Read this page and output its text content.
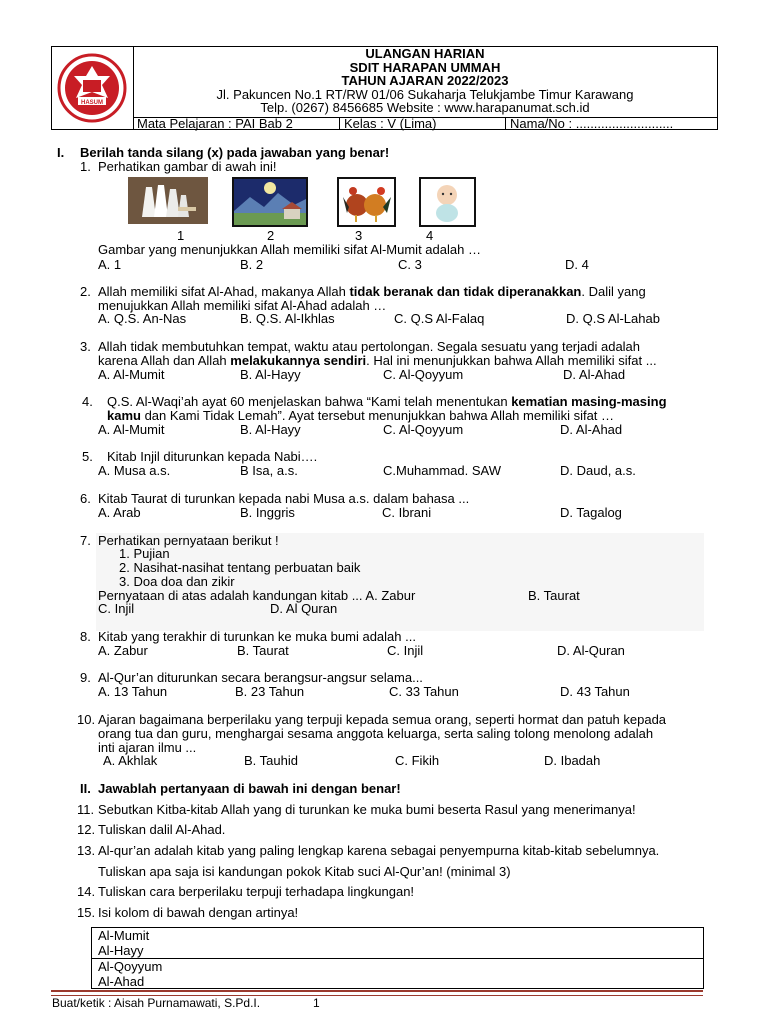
HASUM
ULANGAN HARIAN
SDIT HARAPAN UMMAH
TAHUN AJARAN 2022/2023
Jl. Pakuncen No.1 RT/RW 01/06 Sukaharja Telukjambe Timur Karawang
Telp. (0267) 8456685 Website : www.harapanumat.sch.id
Mata Pelajaran : PAI Bab 2	Kelas : V (Lima)	Nama/No : ...........................
I. Berilah tanda silang (x) pada jawaban yang benar!
1. Perhatikan gambar di awah ini!
1	2	3	4
Gambar yang menunjukkan Allah memiliki sifat Al-Mumit adalah …
A. 1	B. 2	C. 3	D. 4
2. Allah memiliki sifat Al-Ahad, makanya Allah tidak beranak dan tidak diperanakkan. Dalil yang
menujukkan Allah memiliki sifat Al-Ahad adalah …
A. Q.S. An-Nas	B. Q.S. Al-Ikhlas	C. Q.S Al-Falaq	D. Q.S Al-Lahab
3. Allah tidak membutuhkan tempat, waktu atau pertolongan. Segala sesuatu yang terjadi adalah
karena Allah dan Allah melakukannya sendiri. Hal ini menunjukkan bahwa Allah memiliki sifat ...
A. Al-Mumit	B. Al-Hayy	C. Al-Qoyyum	D. Al-Ahad
4. Q.S. Al-Waqi’ah ayat 60 menjelaskan bahwa “Kami telah menentukan kematian masing-masing
kamu dan Kami Tidak Lemah”. Ayat tersebut menunjukkan bahwa Allah memiliki sifat …
A. Al-Mumit	B. Al-Hayy	C. Al-Qoyyum	D. Al-Ahad
5. Kitab Injil diturunkan kepada Nabi….
A. Musa a.s.	B Isa, a.s.	C.Muhammad. SAW	D. Daud, a.s.
6. Kitab Taurat di turunkan kepada nabi Musa a.s. dalam bahasa ...
A. Arab	B. Inggris	C. Ibrani	D. Tagalog
7. Perhatikan pernyataan berikut !
1. Pujian
2. Nasihat-nasihat tentang perbuatan baik
3. Doa doa dan zikir
Pernyataan di atas adalah kandungan kitab ... A. Zabur	B. Taurat
C. Injil	D. Al Quran
8. Kitab yang terakhir di turunkan ke muka bumi adalah ...
A. Zabur	B. Taurat	C. Injil	D. Al-Quran
9. Al-Qur’an diturunkan secara berangsur-angsur selama...
A. 13 Tahun	B. 23 Tahun	C. 33 Tahun	D. 43 Tahun
10. Ajaran bagaimana berperilaku yang terpuji kepada semua orang, seperti hormat dan patuh kepada
orang tua dan guru, menghargai sesama anggota keluarga, serta saling tolong menolong adalah
inti ajaran ilmu ...
A. Akhlak	B. Tauhid	C. Fikih	D. Ibadah
II. Jawablah pertanyaan di bawah ini dengan benar!
11. Sebutkan Kitba-kitab Allah yang di turunkan ke muka bumi beserta Rasul yang menerimanya!
12. Tuliskan dalil Al-Ahad.
13. Al-qur’an adalah kitab yang paling lengkap karena sebagai penyempurna kitab-kitab sebelumnya.
Tuliskan apa saja isi kandungan pokok Kitab suci Al-Qur’an! (minimal 3)
14. Tuliskan cara berperilaku terpuji terhadapa lingkungan!
15. Isi kolom di bawah dengan artinya!
Al-Mumit
Al-Hayy
Al-Qoyyum
Al-Ahad
Buat/ketik : Aisah Purnamawati, S.Pd.I.	1
